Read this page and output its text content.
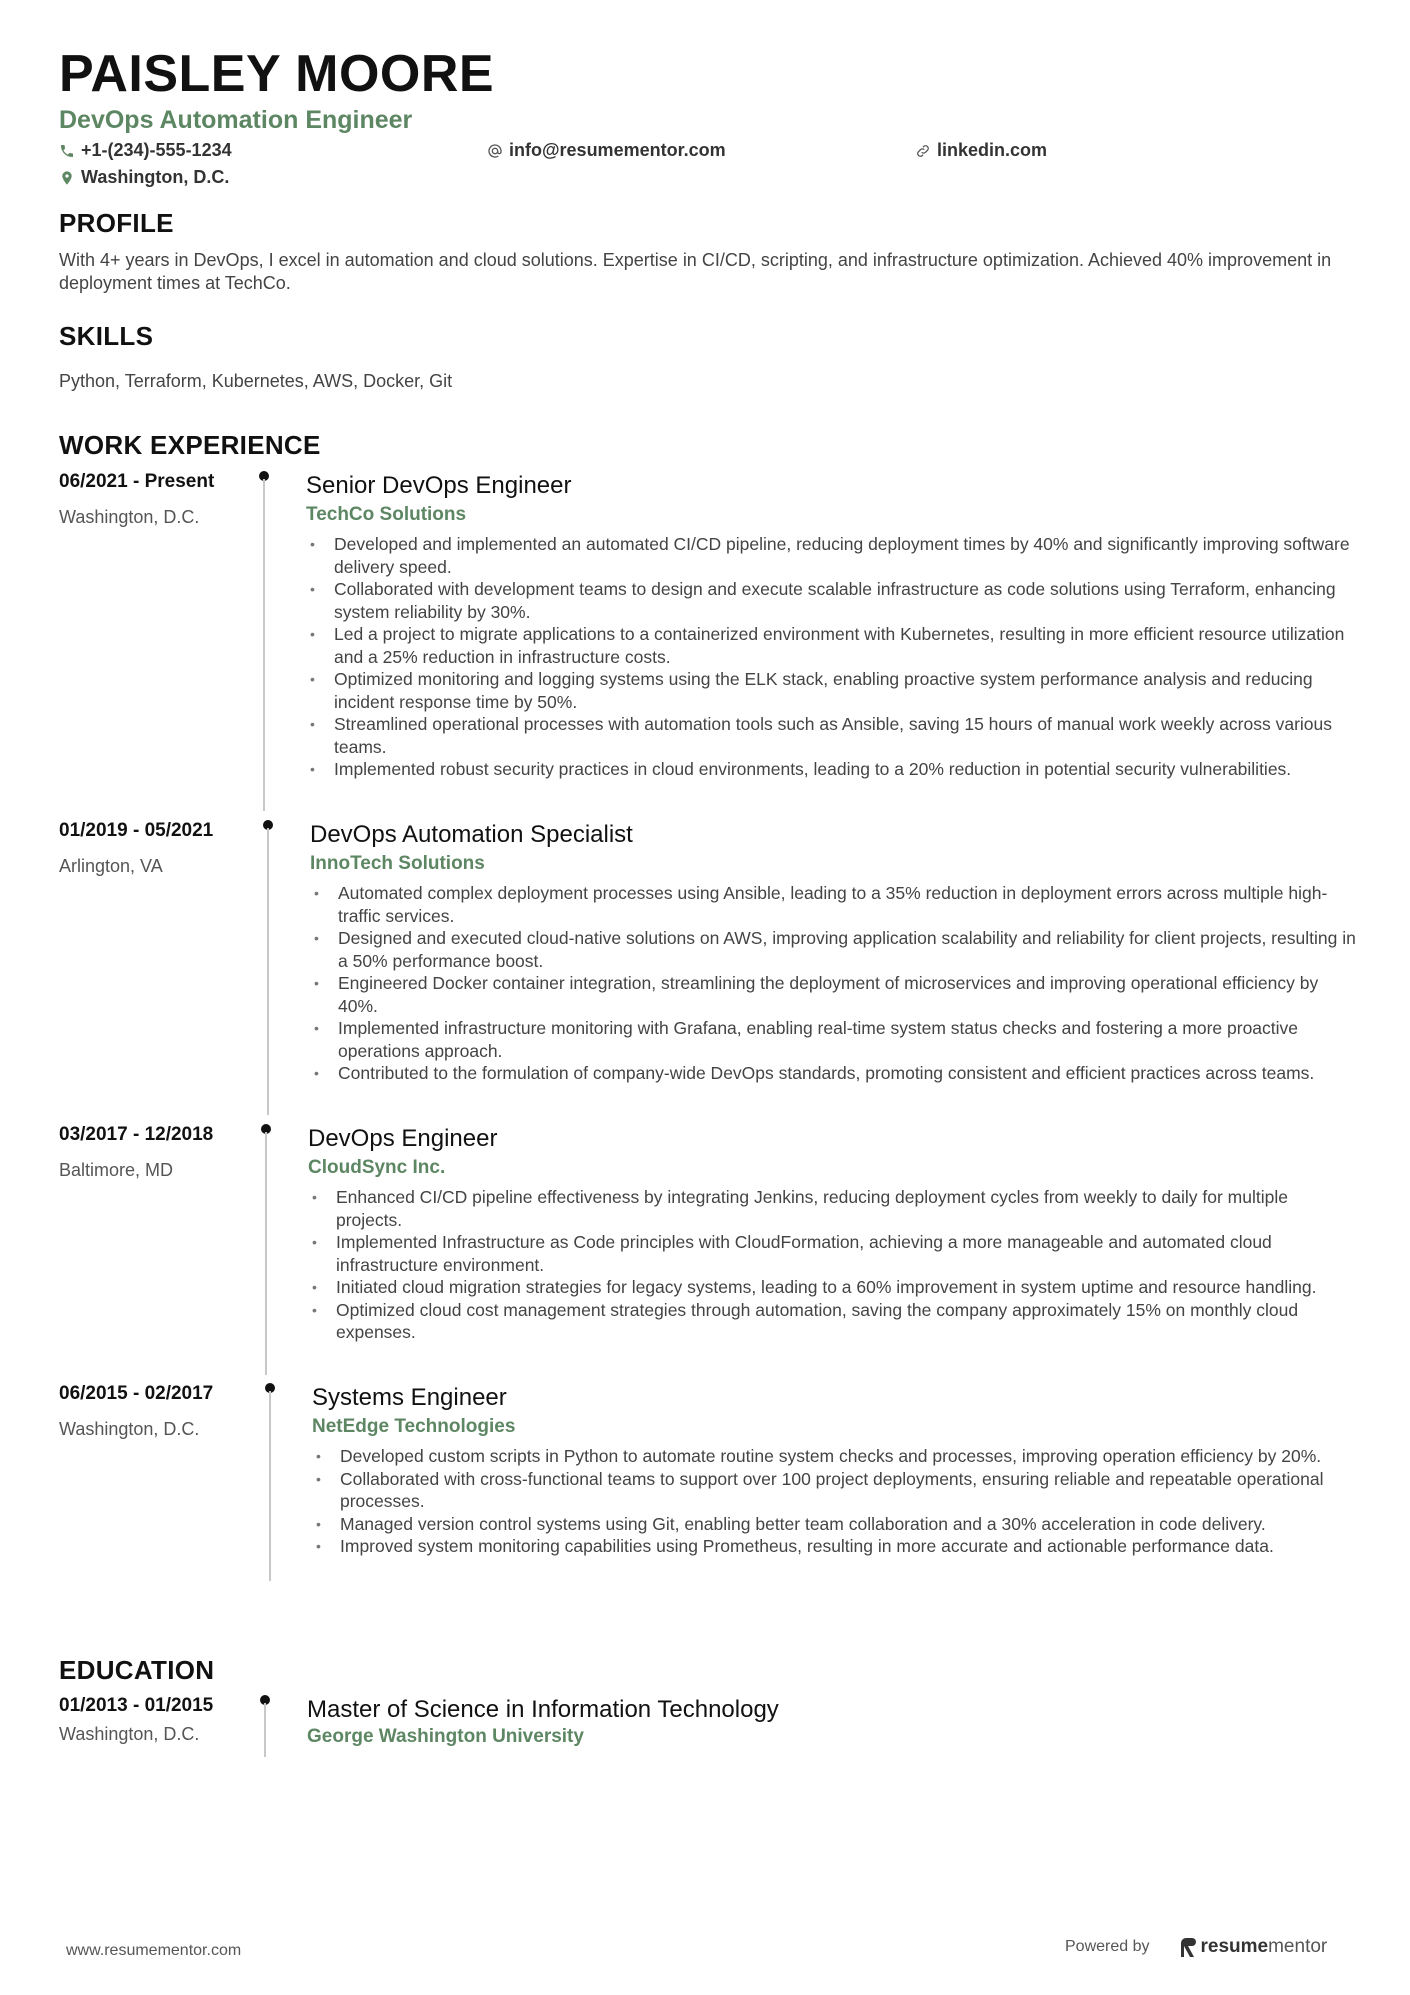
PAISLEY MOORE
DevOps Automation Engineer
+1-(234)-555-1234	info@resumementor.com	linkedin.com
Washington, D.C.
PROFILE
With 4+ years in DevOps, I excel in automation and cloud solutions. Expertise in CI/CD, scripting, and infrastructure optimization. Achieved 40% improvement in deployment times at TechCo.
SKILLS
Python, Terraform, Kubernetes, AWS, Docker, Git
WORK EXPERIENCE
06/2021 - Present
Washington, D.C.
Senior DevOps Engineer
TechCo Solutions
• Developed and implemented an automated CI/CD pipeline, reducing deployment times by 40% and significantly improving software delivery speed.
• Collaborated with development teams to design and execute scalable infrastructure as code solutions using Terraform, enhancing system reliability by 30%.
• Led a project to migrate applications to a containerized environment with Kubernetes, resulting in more efficient resource utilization and a 25% reduction in infrastructure costs.
• Optimized monitoring and logging systems using the ELK stack, enabling proactive system performance analysis and reducing incident response time by 50%.
• Streamlined operational processes with automation tools such as Ansible, saving 15 hours of manual work weekly across various teams.
• Implemented robust security practices in cloud environments, leading to a 20% reduction in potential security vulnerabilities.
01/2019 - 05/2021
Arlington, VA
DevOps Automation Specialist
InnoTech Solutions
• Automated complex deployment processes using Ansible, leading to a 35% reduction in deployment errors across multiple high-traffic services.
• Designed and executed cloud-native solutions on AWS, improving application scalability and reliability for client projects, resulting in a 50% performance boost.
• Engineered Docker container integration, streamlining the deployment of microservices and improving operational efficiency by 40%.
• Implemented infrastructure monitoring with Grafana, enabling real-time system status checks and fostering a more proactive operations approach.
• Contributed to the formulation of company-wide DevOps standards, promoting consistent and efficient practices across teams.
03/2017 - 12/2018
Baltimore, MD
DevOps Engineer
CloudSync Inc.
• Enhanced CI/CD pipeline effectiveness by integrating Jenkins, reducing deployment cycles from weekly to daily for multiple projects.
• Implemented Infrastructure as Code principles with CloudFormation, achieving a more manageable and automated cloud infrastructure environment.
• Initiated cloud migration strategies for legacy systems, leading to a 60% improvement in system uptime and resource handling.
• Optimized cloud cost management strategies through automation, saving the company approximately 15% on monthly cloud expenses.
06/2015 - 02/2017
Washington, D.C.
Systems Engineer
NetEdge Technologies
• Developed custom scripts in Python to automate routine system checks and processes, improving operation efficiency by 20%.
• Collaborated with cross-functional teams to support over 100 project deployments, ensuring reliable and repeatable operational processes.
• Managed version control systems using Git, enabling better team collaboration and a 30% acceleration in code delivery.
• Improved system monitoring capabilities using Prometheus, resulting in more accurate and actionable performance data.
EDUCATION
01/2013 - 01/2015
Washington, D.C.
Master of Science in Information Technology
George Washington University
www.resumementor.com	Powered by	resume mentor
